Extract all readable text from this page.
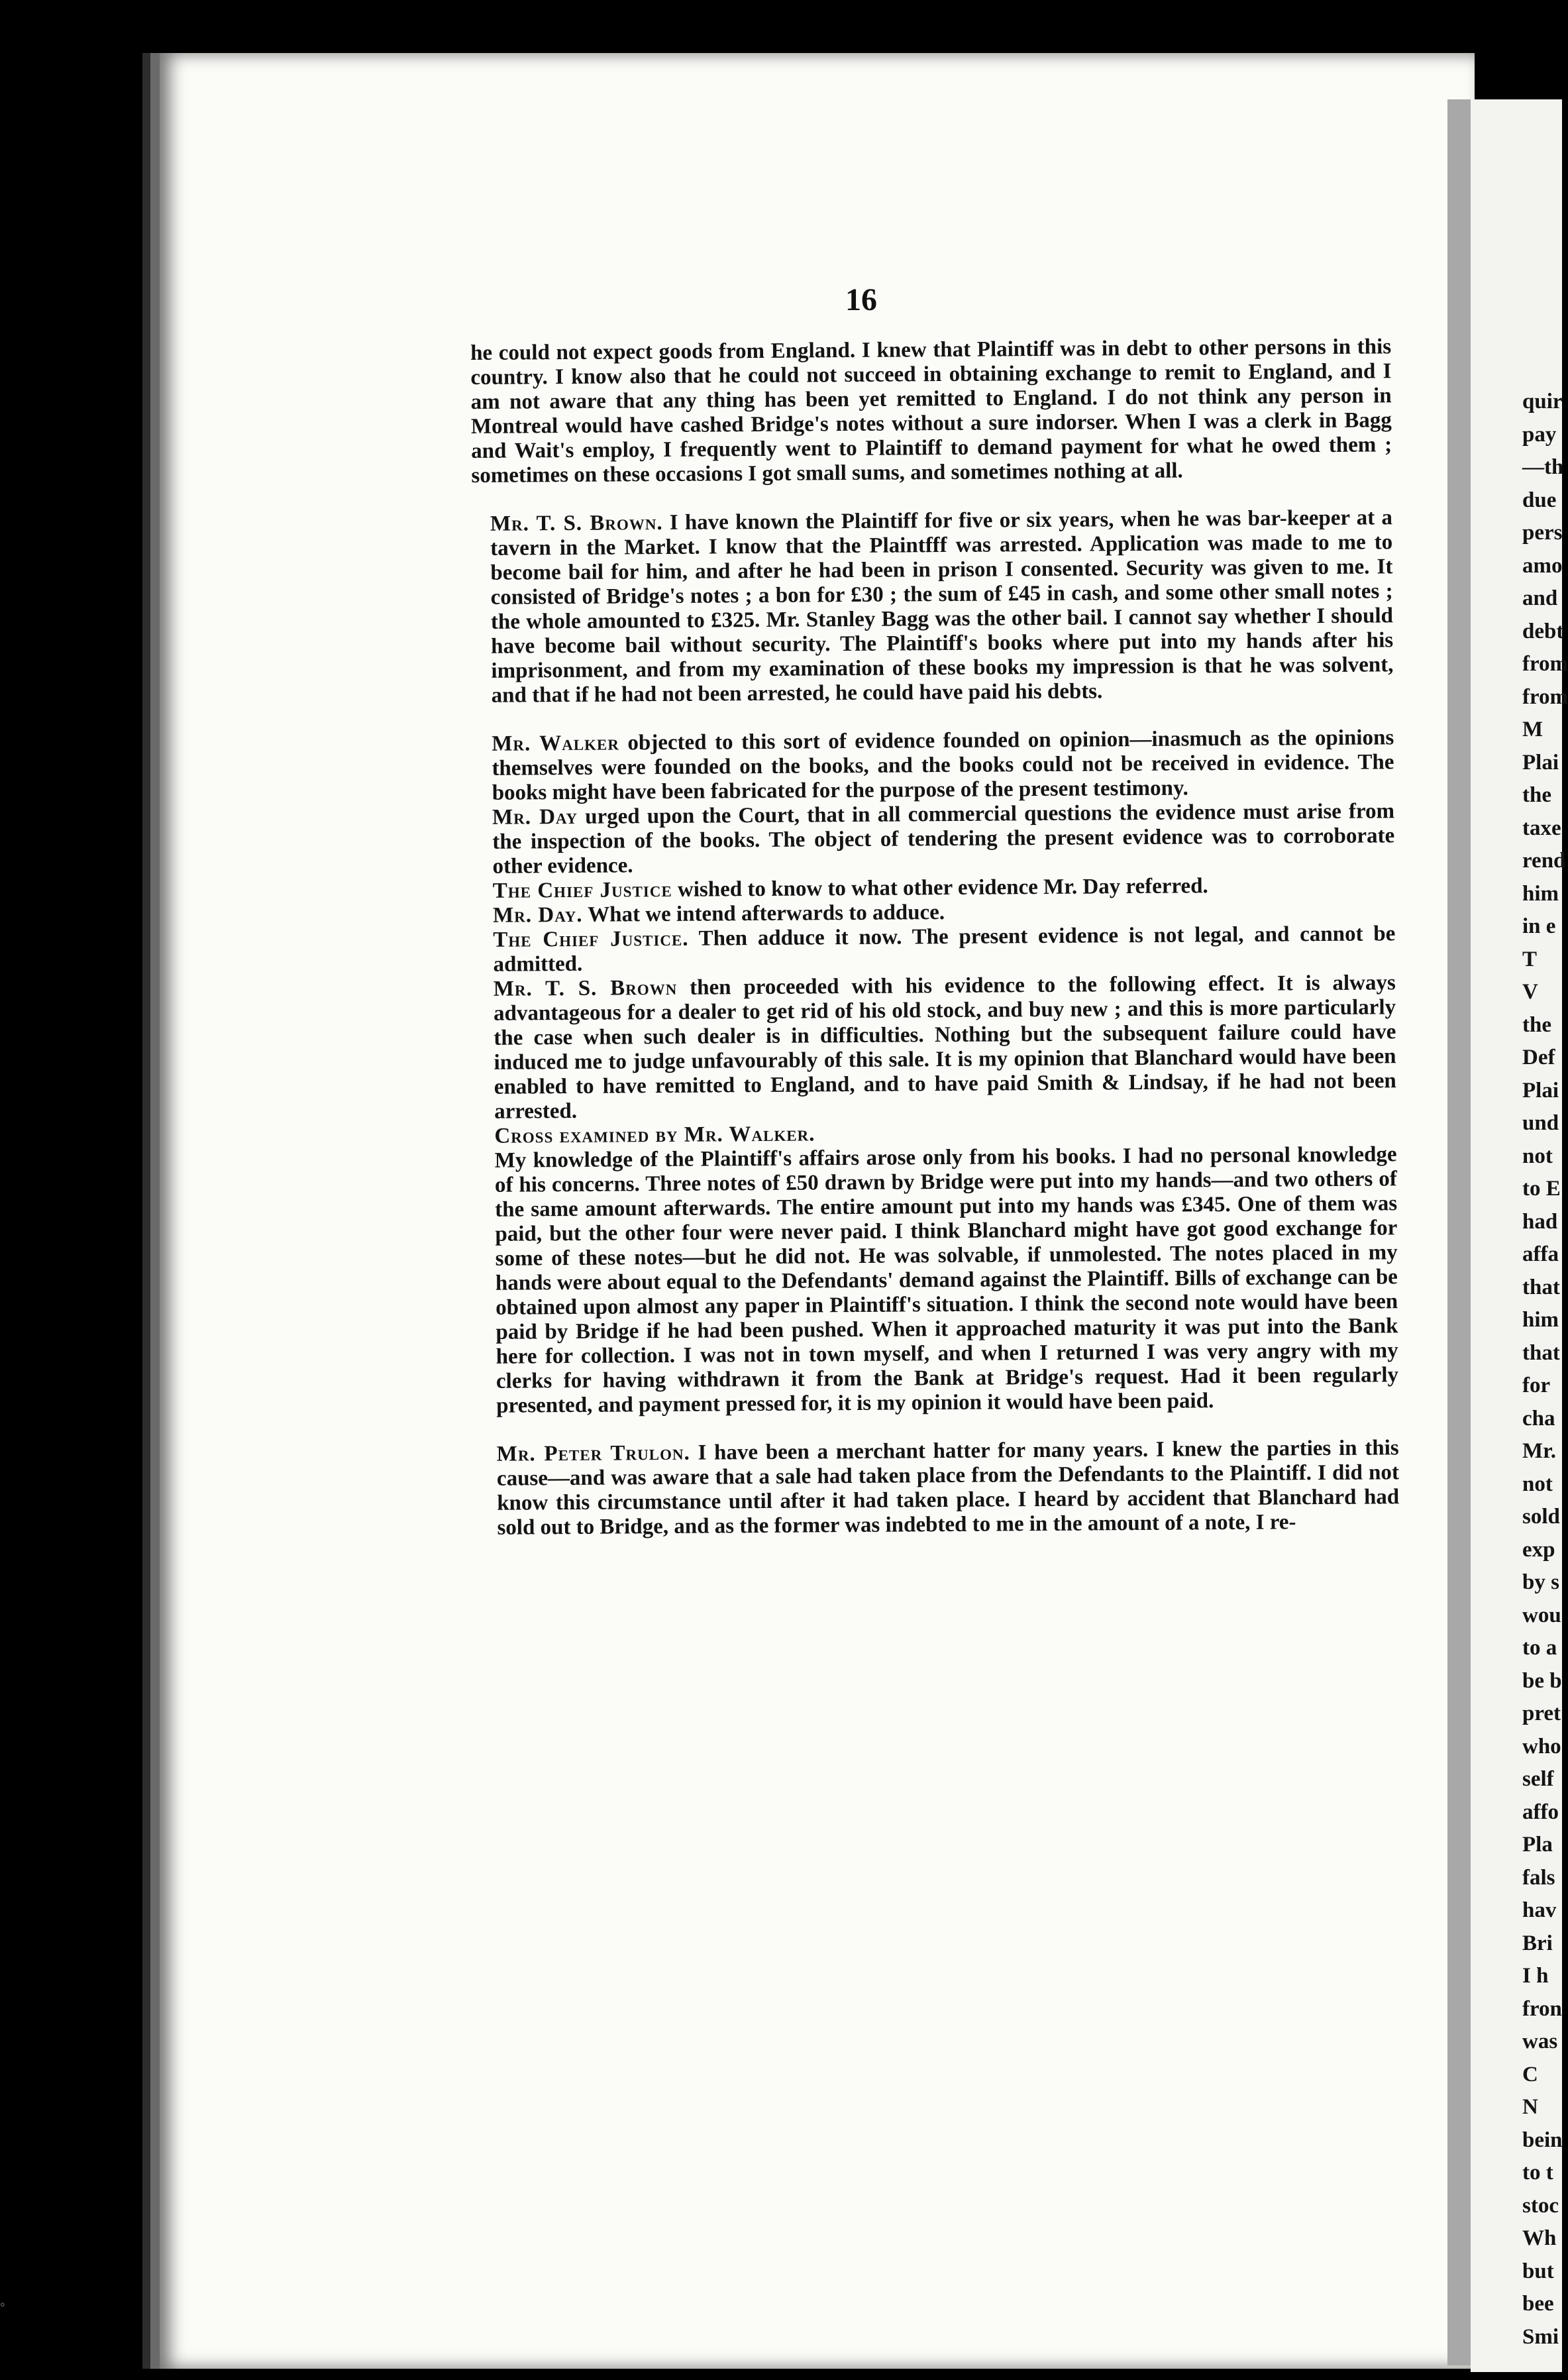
quir
pay
—th
due
pers
amo
and
debt
from
from
M
Plai
the
taxe
rend
him
in e
T
V
the
Def
Plai
und
not
to E
had
affa
that
him
that
for
cha
Mr.
not
sold
exp
by s
wou
to a
be b
pret
who
self
affo
Pla
fals
hav
Bri
I h
fron
was
C
N
bein
to t
stoc
Wh
but
bee
Smi
16

he could not expect goods from England. I knew that Plaintiff was in debt to other persons in this country. I know also that he could not succeed in obtaining exchange to remit to England, and I am not aware that any thing has been yet remitted to England. I do not think any person in Montreal would have cashed Bridge's notes without a sure indorser. When I was a clerk in Bagg and Wait's employ, I frequently went to Plaintiff to demand payment for what he owed them ; sometimes on these occasions I got small sums, and sometimes nothing at all.

Mr. T. S. Brown. I have known the Plaintiff for five or six years, when he was bar-keeper at a tavern in the Market. I know that the Plaintfff was arrested. Application was made to me to become bail for him, and after he had been in prison I consented. Security was given to me. It consisted of Bridge's notes ; a bon for £30 ; the sum of £45 in cash, and some other small notes ; the whole amounted to £325. Mr. Stanley Bagg was the other bail. I cannot say whether I should have become bail without security. The Plaintiff's books where put into my hands after his imprisonment, and from my examination of these books my impression is that he was solvent, and that if he had not been arrested, he could have paid his debts.

Mr. Walker objected to this sort of evidence founded on opinion—inasmuch as the opinions themselves were founded on the books, and the books could not be received in evidence. The books might have been fabricated for the purpose of the present testimony.

Mr. Day urged upon the Court, that in all commercial questions the evidence must arise from the inspection of the books. The object of tendering the present evidence was to corroborate other evidence.

The Chief Justice wished to know to what other evidence Mr. Day referred.

Mr. Day. What we intend afterwards to adduce.

The Chief Justice. Then adduce it now. The present evidence is not legal, and cannot be admitted.

Mr. T. S. Brown then proceeded with his evidence to the following effect. It is always advantageous for a dealer to get rid of his old stock, and buy new ; and this is more particularly the case when such dealer is in difficulties. Nothing but the subsequent failure could have induced me to judge unfavourably of this sale. It is my opinion that Blanchard would have been enabled to have remitted to England, and to have paid Smith & Lindsay, if he had not been arrested.

Cross examined by Mr. Walker.

My knowledge of the Plaintiff's affairs arose only from his books. I had no personal knowledge of his concerns. Three notes of £50 drawn by Bridge were put into my hands—and two others of the same amount afterwards. The entire amount put into my hands was £345. One of them was paid, but the other four were never paid. I think Blanchard might have got good exchange for some of these notes—but he did not. He was solvable, if unmolested. The notes placed in my hands were about equal to the Defendants' demand against the Plaintiff. Bills of exchange can be obtained upon almost any paper in Plaintiff's situation. I think the second note would have been paid by Bridge if he had been pushed. When it approached maturity it was put into the Bank here for collection. I was not in town myself, and when I returned I was very angry with my clerks for having withdrawn it from the Bank at Bridge's request. Had it been regularly presented, and payment pressed for, it is my opinion it would have been paid.

Mr. Peter Trulon. I have been a merchant hatter for many years. I knew the parties in this cause—and was aware that a sale had taken place from the Defendants to the Plaintiff. I did not know this circumstance until after it had taken place. I heard by accident that Blanchard had sold out to Bridge, and as the former was indebted to me in the amount of a note, I re-

◦
